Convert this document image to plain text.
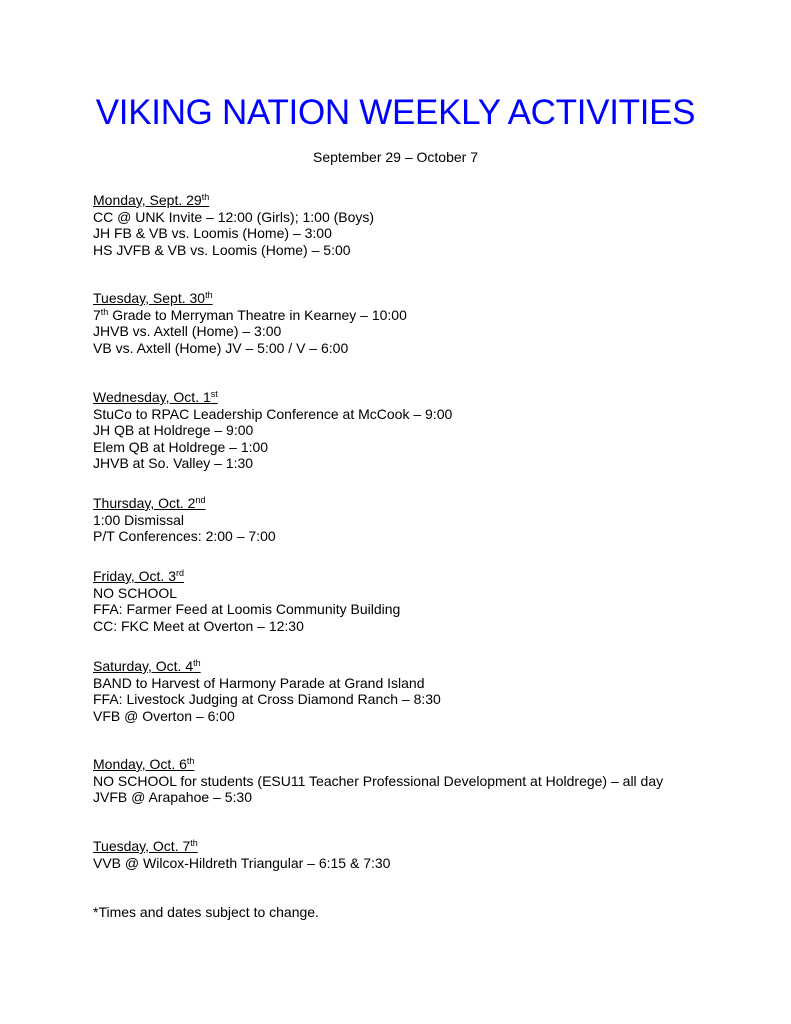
VIKING NATION WEEKLY ACTIVITIES

September 29 – October 7

Monday, Sept. 29th
CC @ UNK Invite – 12:00 (Girls); 1:00 (Boys)
JH FB & VB vs. Loomis (Home) – 3:00
HS JVFB & VB vs. Loomis (Home) – 5:00
Tuesday, Sept. 30th
7th Grade to Merryman Theatre in Kearney – 10:00
JHVB vs. Axtell (Home) – 3:00
VB vs. Axtell (Home) JV – 5:00 / V – 6:00
Wednesday, Oct. 1st
StuCo to RPAC Leadership Conference at McCook – 9:00
JH QB at Holdrege – 9:00
Elem QB at Holdrege – 1:00
JHVB at So. Valley – 1:30
Thursday, Oct. 2nd
1:00 Dismissal
P/T Conferences: 2:00 – 7:00
Friday, Oct. 3rd
NO SCHOOL
FFA: Farmer Feed at Loomis Community Building
CC: FKC Meet at Overton – 12:30
Saturday, Oct. 4th
BAND to Harvest of Harmony Parade at Grand Island
FFA: Livestock Judging at Cross Diamond Ranch – 8:30
VFB @ Overton – 6:00
Monday, Oct. 6th
NO SCHOOL for students (ESU11 Teacher Professional Development at Holdrege) – all day
JVFB @ Arapahoe – 5:30
Tuesday, Oct. 7th
VVB @ Wilcox-Hildreth Triangular – 6:15 & 7:30

*Times and dates subject to change.
